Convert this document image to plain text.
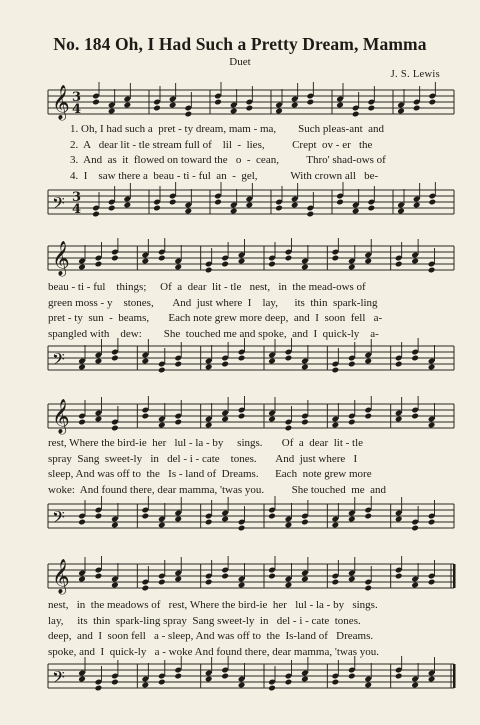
No. 184 Oh, I Had Such a Pretty Dream, Mamma
Duet
J. S. Lewis
𝄞 3
4
1. Oh, I had such a  pret - ty dream, mam - ma,        Such pleas-ant  and
2.  A   dear lit - tle stream full of    lil  -  lies,          Crept  ov - er   the
3.  And  as  it  flowed on toward the   o  -  cean,          Thro' shad-ows of
4.  I    saw there a  beau - ti - ful  an  -  gel,            With crown all   be-
𝄢 3
4
𝄞
beau - ti - ful    things;     Of  a  dear  lit - tle   nest,   in  the mead-ows of
green moss - y    stones,       And  just where  I    lay,      its  thin  spark-ling
pret - ty  sun  -  beams,       Each note grew more deep,  and  I  soon  fell   a-
spangled with    dew:        She  touched me and spoke,  and  I  quick-ly    a-
𝄢
𝄞
rest, Where the bird-ie  her   lul - la - by     sings.       Of  a  dear  lit - tle
spray  Sang  sweet-ly   in   del - i - cate    tones.       And  just where   I
sleep, And was off to  the   Is - land of  Dreams.      Each  note grew more
woke:  And found there, dear mamma, 'twas you.          She touched  me  and
𝄢
𝄞
nest,   in  the meadows of   rest, Where the bird-ie  her   lul - la - by   sings.
lay,     its  thin  spark-ling spray  Sang sweet-ly  in   del - i - cate  tones.
deep,  and  I  soon fell   a - sleep, And was off to  the  Is-land of   Dreams.
spoke, and  I  quick-ly   a - woke And found there, dear mamma, 'twas you.
𝄢
